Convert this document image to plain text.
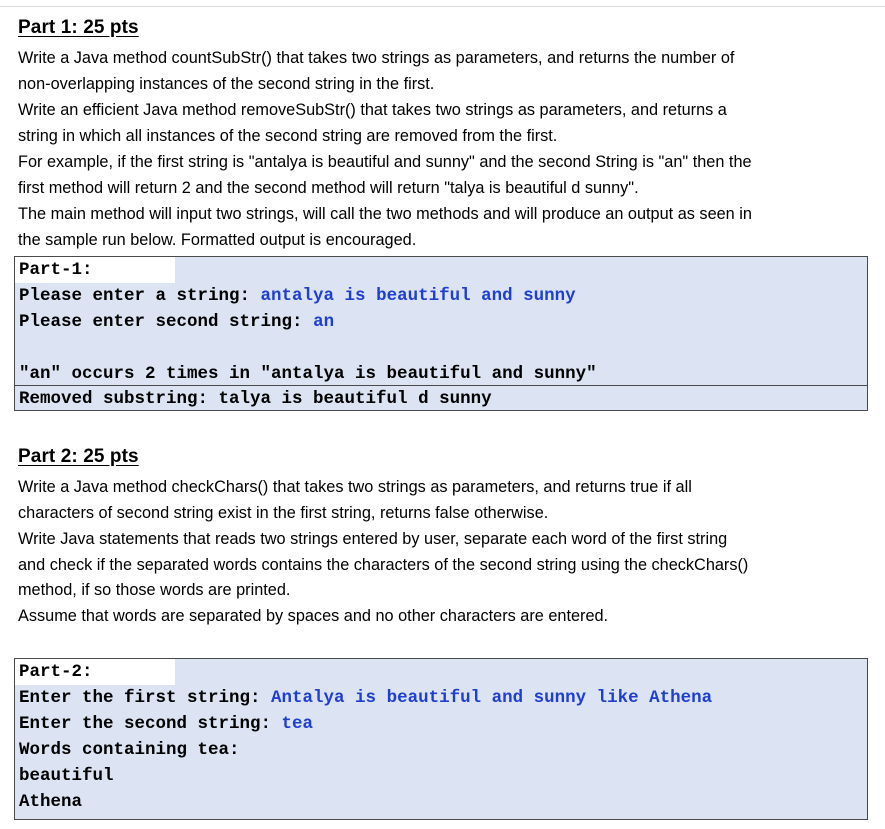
Part 1: 25 pts
Write a Java method countSubStr() that takes two strings as parameters, and returns the number of
non-overlapping instances of the second string in the first.
Write an efficient Java method removeSubStr() that takes two strings as parameters, and returns a
string in which all instances of the second string are removed from the first.
For example, if the first string is "antalya is beautiful and sunny" and the second String is "an" then the
first method will return 2 and the second method will return "talya is beautiful d sunny".
The main method will input two strings, will call the two methods and will produce an output as seen in
the sample run below. Formatted output is encouraged.
Part-1:
Please enter a string: antalya is beautiful and sunny
Please enter second string: an
"an" occurs 2 times in "antalya is beautiful and sunny"
Removed substring: talya is beautiful d sunny
Part 2: 25 pts
Write a Java method checkChars() that takes two strings as parameters, and returns true if all
characters of second string exist in the first string, returns false otherwise.
Write Java statements that reads two strings entered by user, separate each word of the first string
and check if the separated words contains the characters of the second string using the checkChars()
method, if so those words are printed.
Assume that words are separated by spaces and no other characters are entered.
Part-2:
Enter the first string: Antalya is beautiful and sunny like Athena
Enter the second string: tea
Words containing tea:
beautiful
Athena
